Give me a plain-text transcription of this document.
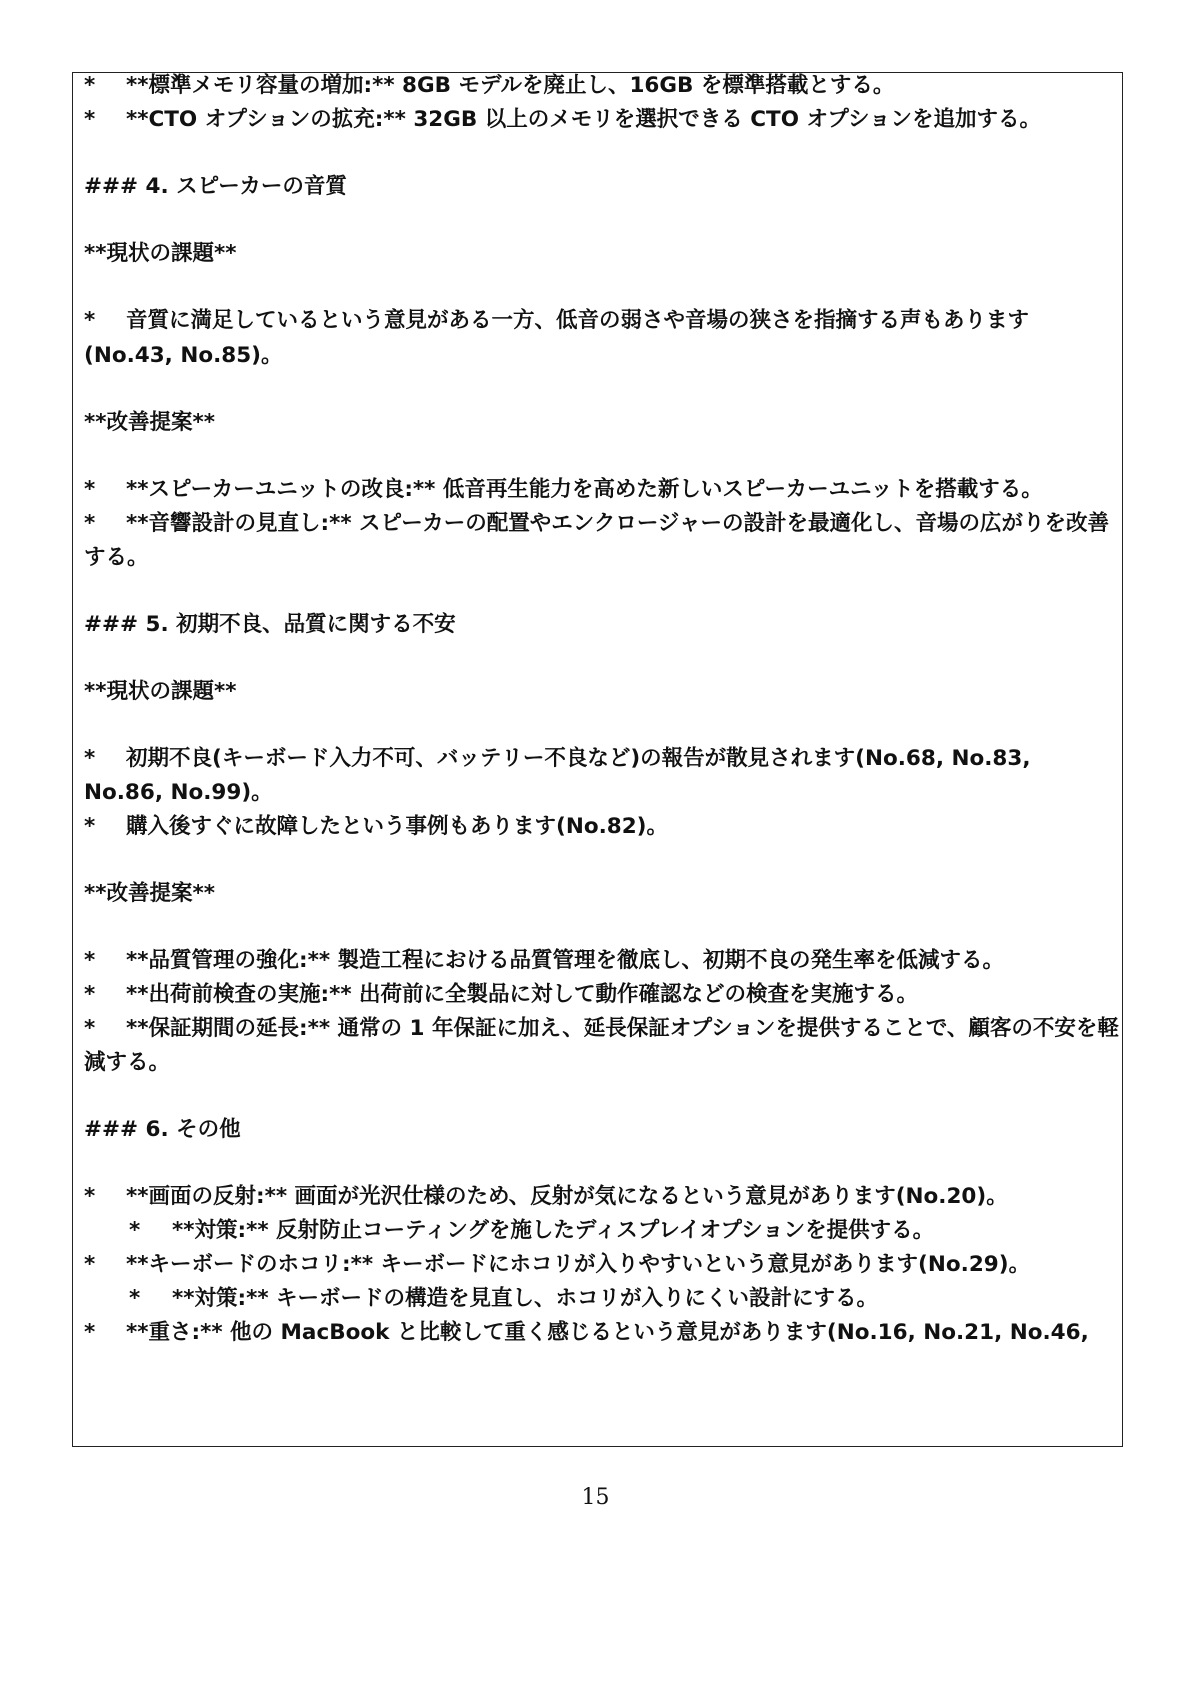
* **標準メモリ容量の増加:** 8GB モデルを廃止し、16GB を標準搭載とする。
* **CTO オプションの拡充:** 32GB 以上のメモリを選択できる CTO オプションを追加する。
### 4. スピーカーの音質
**現状の課題**
* 音質に満足しているという意見がある一方、低音の弱さや音場の狭さを指摘する声もあります
(No.43, No.85)。
**改善提案**
* **スピーカーユニットの改良:** 低音再生能力を高めた新しいスピーカーユニットを搭載する。
* **音響設計の見直し:** スピーカーの配置やエンクロージャーの設計を最適化し、音場の広がりを改善
する。
### 5. 初期不良、品質に関する不安
**現状の課題**
* 初期不良(キーボード入力不可、バッテリー不良など)の報告が散見されます(No.68, No.83,
No.86, No.99)。
* 購入後すぐに故障したという事例もあります(No.82)。
**改善提案**
* **品質管理の強化:** 製造工程における品質管理を徹底し、初期不良の発生率を低減する。
* **出荷前検査の実施:** 出荷前に全製品に対して動作確認などの検査を実施する。
* **保証期間の延長:** 通常の 1 年保証に加え、延長保証オプションを提供することで、顧客の不安を軽
減する。
### 6. その他
* **画面の反射:** 画面が光沢仕様のため、反射が気になるという意見があります(No.20)。
* **対策:** 反射防止コーティングを施したディスプレイオプションを提供する。
* **キーボードのホコリ:** キーボードにホコリが入りやすいという意見があります(No.29)。
* **対策:** キーボードの構造を見直し、ホコリが入りにくい設計にする。
* **重さ:** 他の MacBook と比較して重く感じるという意見があります(No.16, No.21, No.46,
15
